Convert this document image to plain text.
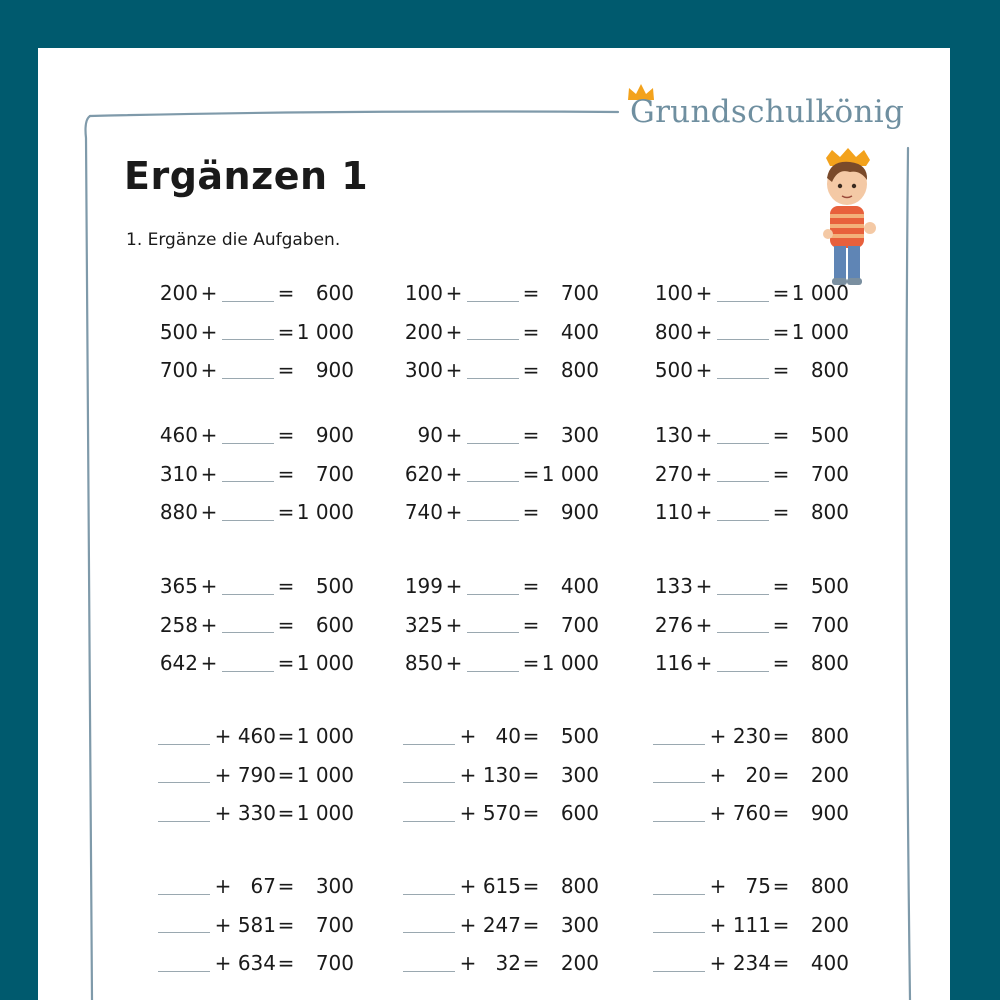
Grundschulkönig
Ergänzen 1
1. Ergänze die Aufgaben.
200 +	=	600	100 +	=	700	100 +	= 1 000
500 +	= 1 000	200 +	=	400	800 +	= 1 000
700 +	=	900	300 +	=	800	500 +	=	800
460 +	=	900	90 +	=	300	130 +	=	500
310 +	=	700	620 +	= 1 000	270 +	=	700
880 +	= 1 000	740 +	=	900	110 +	=	800
365 +	=	500	199 +	=	400	133 +	=	500
258 +	=	600	325 +	=	700	276 +	=	700
642 +	= 1 000	850 +	= 1 000	116 +	=	800
+ 460 = 1 000	+ 40 =	500	+ 230 =	800
+ 790 = 1 000	+ 130 =	300	+ 20 =	200
+ 330 = 1 000	+ 570 =	600	+ 760 =	900
+ 67 =	300	+ 615 =	800	+ 75 =	800
+ 581 =	700	+ 247 =	300	+ 111 =	200
+ 634 =	700	+ 32 =	200	+ 234 =	400
